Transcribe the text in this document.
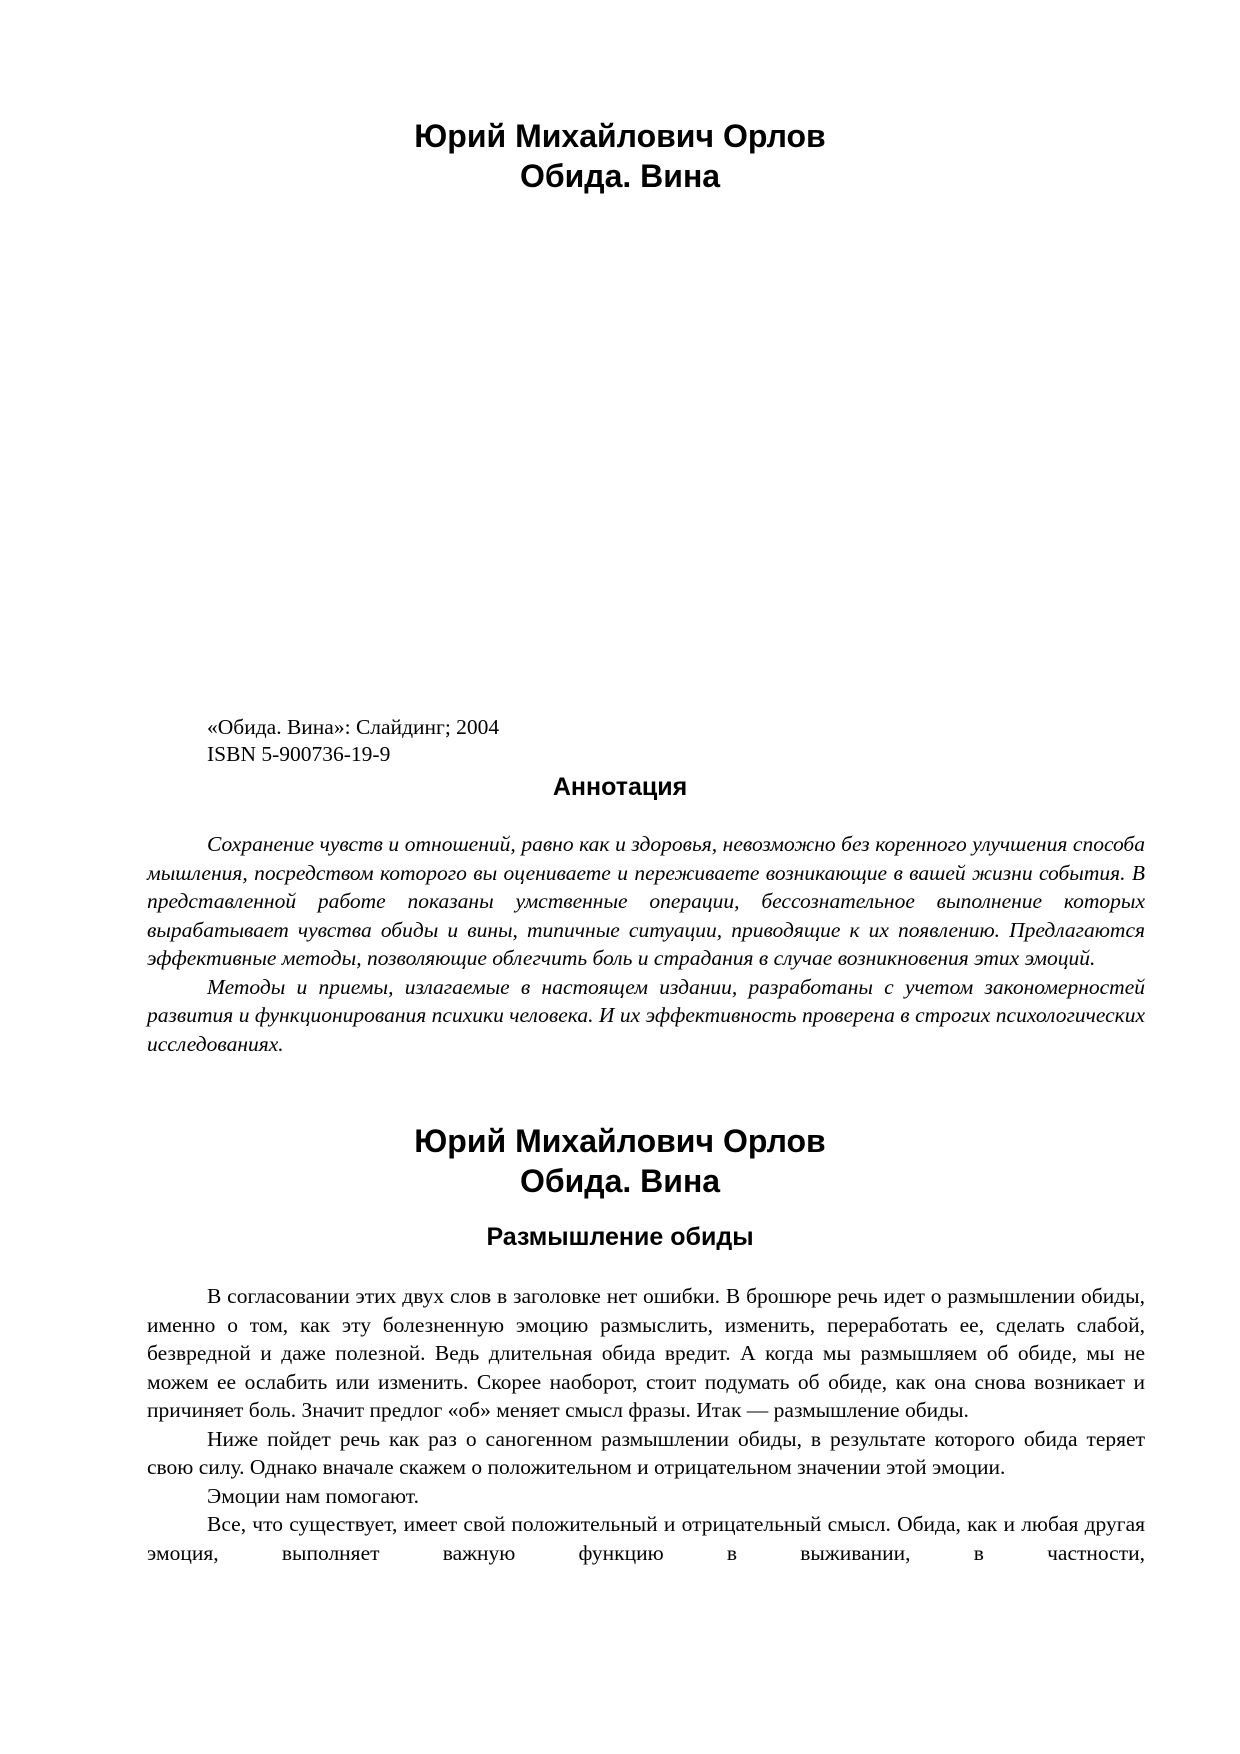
Юрий Михайлович Орлов
Обида. Вина
«Обида. Вина»: Слайдинг; 2004
ISBN 5-900736-19-9
Аннотация

Сохранение чувств и отношений, равно как и здоровья, невозможно без коренного улучшения способа мышления, посредством которого вы оцениваете и переживаете возникающие в вашей жизни события. В представленной работе показаны умственные операции, бессознательное выполнение которых вырабатывает чувства обиды и вины, типичные ситуации, приводящие к их появлению. Предлагаются эффективные методы, позволяющие облегчить боль и страдания в случае возникновения этих эмоций.

Методы и приемы, излагаемые в настоящем издании, разработаны с учетом закономерностей развития и функционирования психики человека. И их эффективность проверена в строгих психологических исследованиях.

Юрий Михайлович Орлов
Обида. Вина
Размышление обиды

В согласовании этих двух слов в заголовке нет ошибки. В брошюре речь идет о размышлении обиды, именно о том, как эту болезненную эмоцию размыслить, изменить, переработать ее, сделать слабой, безвредной и даже полезной. Ведь длительная обида вредит. А когда мы размышляем об обиде, мы не можем ее ослабить или изменить. Скорее наоборот, стоит подумать об обиде, как она снова возникает и причиняет боль. Значит предлог «об» меняет смысл фразы. Итак — размышление обиды.

Ниже пойдет речь как раз о саногенном размышлении обиды, в результате которого обида теряет свою силу. Однако вначале скажем о положительном и отрицательном значении этой эмоции.

Эмоции нам помогают.

Все, что существует, имеет свой положительный и отрицательный смысл. Обида, как и любая другая эмоция, выполняет важную функцию в выживании, в частности,
